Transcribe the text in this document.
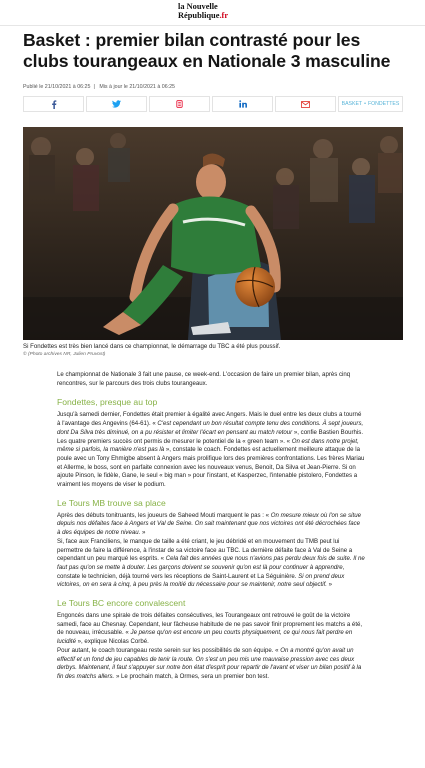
la Nouvelle
République.fr
Basket : premier bilan contrasté pour les clubs tourangeaux en Nationale 3 masculine
Publié le 21/10/2021 à 06:25 | Mis à jour le 21/10/2021 à 06:25
BASKET • FONDETTES
Si Fondettes est très bien lancé dans ce championnat, le démarrage du TBC a été plus poussif.
© (Photo archives NR, Julien Pruvost)

Le championnat de Nationale 3 fait une pause, ce week-end. L'occasion de faire un premier bilan, après cinq rencontres, sur le parcours des trois clubs tourangeaux.

Fondettes, presque au top

Jusqu'à samedi dernier, Fondettes était premier à égalité avec Angers. Mais le duel entre les deux clubs a tourné à l'avantage des Angevins (64-61). « C'est cependant un bon résultat compte tenu des conditions. À sept joueurs, dont Da Silva très diminué, on a pu résister et limiter l'écart en pensant au match retour », confie Bastien Bourhis.

Les quatre premiers succès ont permis de mesurer le potentiel de la « green team ». « On est dans notre projet, même si parfois, la manière n'est pas là », constate le coach. Fondettes est actuellement meilleure attaque de la poule avec un Tony Ehmigbe absent à Angers mais prolifique lors des premières confrontations. Les frères Mariau et Allerme, le boss, sont en parfaite connexion avec les nouveaux venus, Benoit, Da Silva et Jean-Pierre. Si on ajoute Pinson, le fidèle, Gane, le seul « big man » pour l'instant, et Kasperzec, l'intenable pistolero, Fondettes a vraiment les moyens de viser le podium.

Le Tours MB trouve sa place

Après des débuts tonitruants, les joueurs de Saheed Mouti marquent le pas : « On mesure mieux où l'on se situe depuis nos défaites face à Angers et Val de Seine. On sait maintenant que nos victoires ont été décrochées face à des équipes de notre niveau. »

Si, face aux Franciliens, le manque de taille a été criant, le jeu débridé et en mouvement du TMB peut lui permettre de faire la différence, à l'instar de sa victoire face au TBC. La dernière défaite face à Val de Seine a cependant un peu marqué les esprits. « Cela fait des années que nous n'avions pas perdu deux fois de suite. Il ne faut pas qu'on se mette à douter. Les garçons doivent se souvenir qu'on est là pour continuer à apprendre, constate le technicien, déjà tourné vers les réceptions de Saint-Laurent et La Séguinière. Si on prend deux victoires, on en sera à cinq, à peu près la moitié du nécessaire pour se maintenir, notre seul objectif. »

Le Tours BC encore convalescent

Engoncés dans une spirale de trois défaites consécutives, les Tourangeaux ont retrouvé le goût de la victoire samedi, face au Chesnay. Cependant, leur fâcheuse habitude de ne pas savoir finir proprement les matchs a été, de nouveau, irrécusable. « Je pense qu'on est encore un peu courts physiquement, ce qui nous fait perdre en lucidité », explique Nicolas Corbé.

Pour autant, le coach tourangeau reste serein sur les possibilités de son équipe. « On a montré qu'on avait un effectif et un fond de jeu capables de tenir la route. On s'est un peu mis une mauvaise pression avec ces deux derbys. Maintenant, il faut s'appuyer sur notre bon état d'esprit pour repartir de l'avant et viser un bilan positif à la fin des matchs allers. » Le prochain match, à Ormes, sera un premier bon test.
